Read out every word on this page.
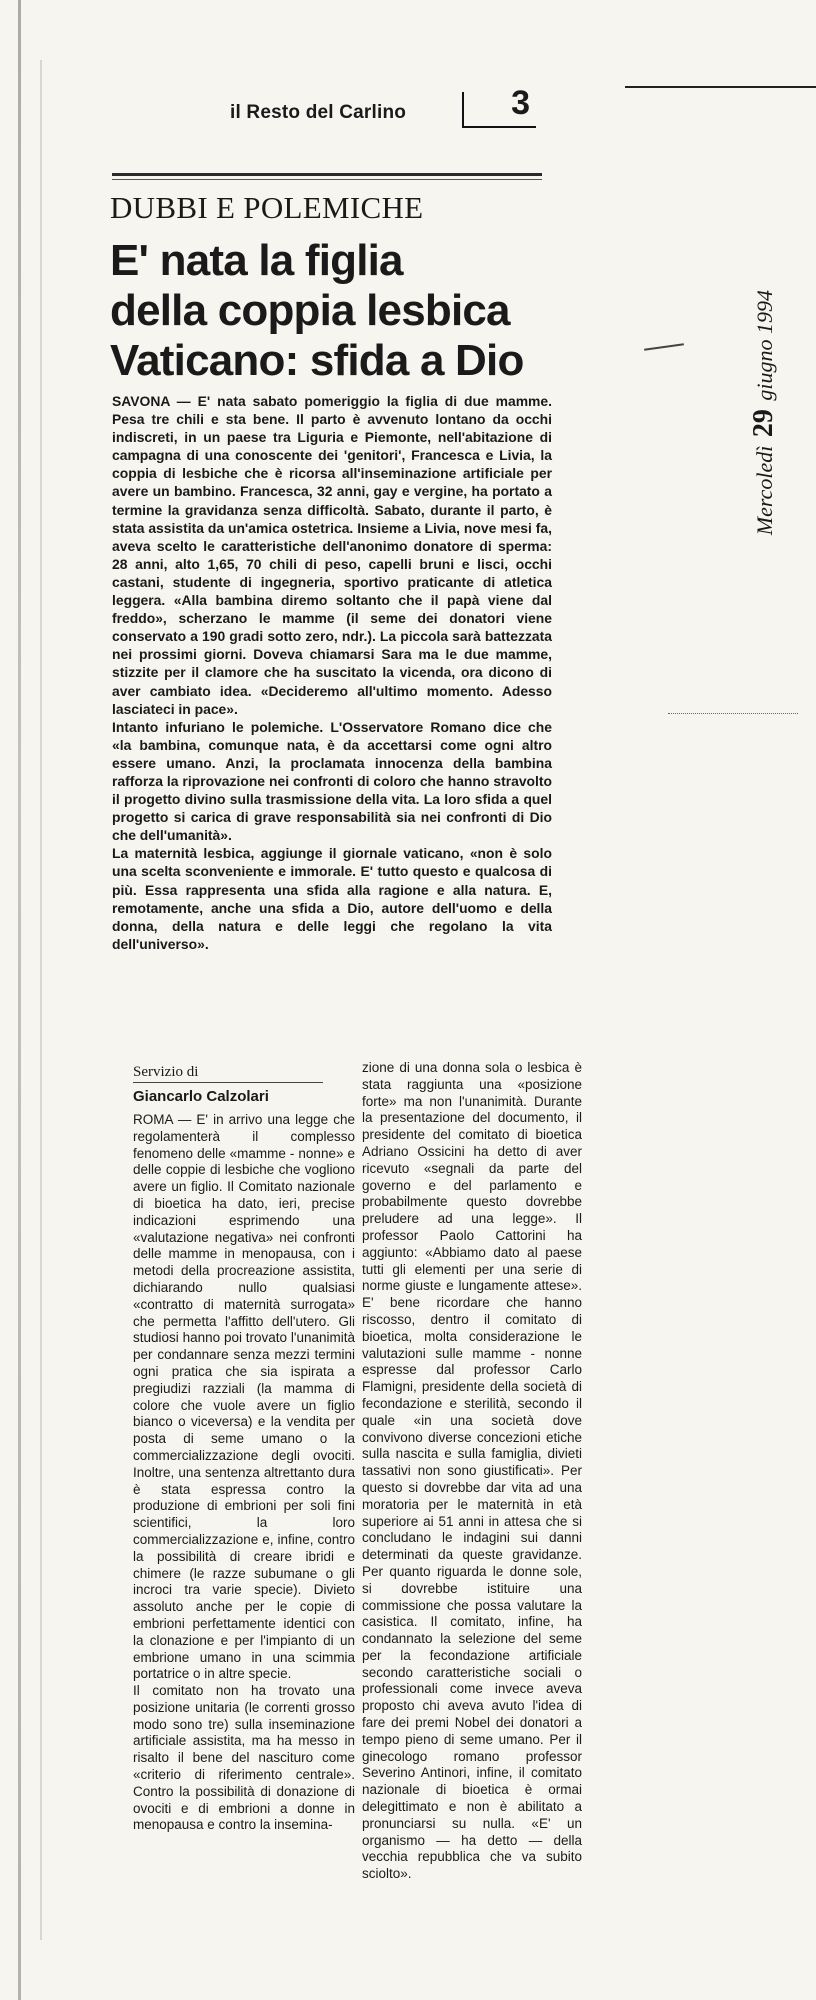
il Resto del Carlino	3
DUBBI E POLEMICHE
E' nata la figlia
della coppia lesbica
Vaticano: sfida a Dio

SAVONA — E' nata sabato pomeriggio la figlia di due mamme. Pesa tre chili e sta bene. Il parto è avvenuto lontano da occhi indiscreti, in un paese tra Liguria e Piemonte, nell'abitazione di campagna di una conoscente dei 'genitori', Francesca e Livia, la coppia di lesbiche che è ricorsa all'inseminazione artificiale per avere un bambino. Francesca, 32 anni, gay e vergine, ha portato a termine la gravidanza senza difficoltà. Sabato, durante il parto, è stata assistita da un'amica ostetrica. Insieme a Livia, nove mesi fa, aveva scelto le caratteristiche dell'anonimo donatore di sperma: 28 anni, alto 1,65, 70 chili di peso, capelli bruni e lisci, occhi castani, studente di ingegneria, sportivo praticante di atletica leggera. «Alla bambina diremo soltanto che il papà viene dal freddo», scherzano le mamme (il seme dei donatori viene conservato a 190 gradi sotto zero, ndr.). La piccola sarà battezzata nei prossimi giorni. Doveva chiamarsi Sara ma le due mamme, stizzite per il clamore che ha suscitato la vicenda, ora dicono di aver cambiato idea. «Decideremo all'ultimo momento. Adesso lasciateci in pace».

Intanto infuriano le polemiche. L'Osservatore Romano dice che «la bambina, comunque nata, è da accettarsi come ogni altro essere umano. Anzi, la proclamata innocenza della bambina rafforza la riprovazione nei confronti di coloro che hanno stravolto il progetto divino sulla trasmissione della vita. La loro sfida a quel progetto si carica di grave responsabilità sia nei confronti di Dio che dell'umanità».

La maternità lesbica, aggiunge il giornale vaticano, «non è solo una scelta sconveniente e immorale. E' tutto questo e qualcosa di più. Essa rappresenta una sfida alla ragione e alla natura. E, remotamente, anche una sfida a Dio, autore dell'uomo e della donna, della natura e delle leggi che regolano la vita dell'universo».

Servizio di
Giancarlo Calzolari

ROMA — E' in arrivo una legge che regolamenterà il complesso fenomeno delle «mamme - nonne» e delle coppie di lesbiche che vogliono avere un figlio. Il Comitato nazionale di bioetica ha dato, ieri, precise indicazioni esprimendo una «valutazione negativa» nei confronti delle mamme in menopausa, con i metodi della procreazione assistita, dichiarando nullo qualsiasi «contratto di maternità surrogata» che permetta l'affitto dell'utero. Gli studiosi hanno poi trovato l'unanimità per condannare senza mezzi termini ogni pratica che sia ispirata a pregiudizi razziali (la mamma di colore che vuole avere un figlio bianco o viceversa) e la vendita per posta di seme umano o la commercializzazione degli ovociti. Inoltre, una sentenza altrettanto dura è stata espressa contro la produzione di embrioni per soli fini scientifici, la loro commercializzazione e, infine, contro la possibilità di creare ibridi e chimere (le razze subumane o gli incroci tra varie specie). Divieto assoluto anche per le copie di embrioni perfettamente identici con la clonazione e per l'impianto di un embrione umano in una scimmia portatrice o in altre specie.

Il comitato non ha trovato una posizione unitaria (le correnti grosso modo sono tre) sulla inseminazione artificiale assistita, ma ha messo in risalto il bene del nascituro come «criterio di riferimento centrale». Contro la possibilità di donazione di ovociti e di embrioni a donne in menopausa e contro la insemina-

zione di una donna sola o lesbica è stata raggiunta una «posizione forte» ma non l'unanimità. Durante la presentazione del documento, il presidente del comitato di bioetica Adriano Ossicini ha detto di aver ricevuto «segnali da parte del governo e del parlamento e probabilmente questo dovrebbe preludere ad una legge». Il professor Paolo Cattorini ha aggiunto: «Abbiamo dato al paese tutti gli elementi per una serie di norme giuste e lungamente attese». E' bene ricordare che hanno riscosso, dentro il comitato di bioetica, molta considerazione le valutazioni sulle mamme - nonne espresse dal professor Carlo Flamigni, presidente della società di fecondazione e sterilità, secondo il quale «in una società dove convivono diverse concezioni etiche sulla nascita e sulla famiglia, divieti tassativi non sono giustificati». Per questo si dovrebbe dar vita ad una moratoria per le maternità in età superiore ai 51 anni in attesa che si concludano le indagini sui danni determinati da queste gravidanze. Per quanto riguarda le donne sole, si dovrebbe istituire una commissione che possa valutare la casistica. Il comitato, infine, ha condannato la selezione del seme per la fecondazione artificiale secondo caratteristiche sociali o professionali come invece aveva proposto chi aveva avuto l'idea di fare dei premi Nobel dei donatori a tempo pieno di seme umano. Per il ginecologo romano professor Severino Antinori, infine, il comitato nazionale di bioetica è ormai delegittimato e non è abilitato a pronunciarsi su nulla. «E' un organismo — ha detto — della vecchia repubblica che va subito sciolto».

Mercoledì 29 giugno 1994
